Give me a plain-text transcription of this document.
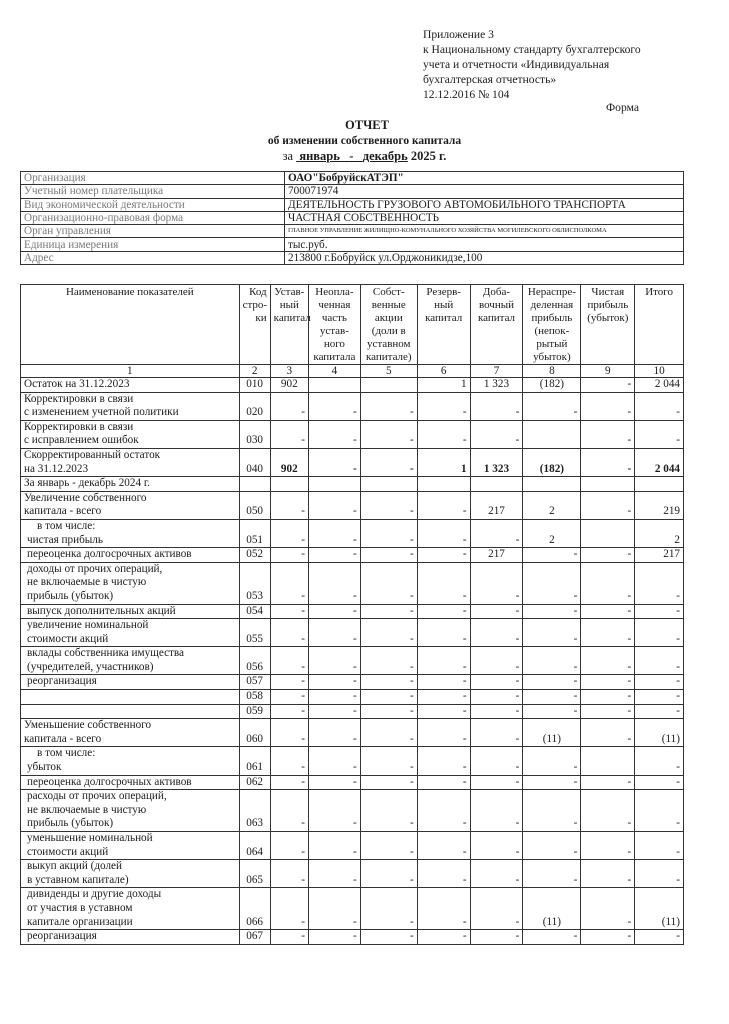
Приложение 3
к Национальному стандарту бухгалтерского
учета и отчетности «Индивидуальная
бухгалтерская отчетность»
12.12.2016 № 104
Форма
ОТЧЕТ
об изменении собственного капитала
за январь - декабрь 2025 г.
Организация	ОАО"БобруйскАТЭП"
Учетный номер плательщика	700071974
Вид экономической деятельности	ДЕЯТЕЛЬНОСТЬ ГРУЗОВОГО АВТОМОБИЛЬНОГО ТРАНСПОРТА
Организационно-правовая форма	ЧАСТНАЯ СОБСТВЕННОСТЬ
Орган управления	ГЛАВНОЕ УПРАВЛЕНИЕ ЖИЛИЩНО-КОМУНАЛЬНОГО ХОЗЯЙСТВА МОГИЛЕВСКОГО ОБЛИСПОЛКОМА
Единица измерения	тыс.руб.
Адрес	213800 г.Бобруйск ул.Орджоникидзе,100
Наименование показателей	Код
стро-
ки

Устав-
ный
капитал

Неопла-
ченная
часть
устав-
ного
капитала

Собст-
венные
акции
(доли в
уставном
капитале)

Резерв-
ный
капитал

Доба-
вочный
капитал

Нераспре-
деленная
прибыль
(непок-
рытый
убыток)

Чистая
прибыль
(убыток)

Итого

1	2	3	4	5	6	7	8	9	10

Остаток на 31.12.2023	010	902			1	1 323	(182)	-	2 044

Корректировки в связи
с изменением учетной политики	020	-	-	-	-	-	-	-	-

Корректировки в связи
с исправлением ошибок	030	-	-	-	-	-		-	-

Скорректированный остаток
на 31.12.2023	040	902	-	-	1	1 323	(182)	-	2 044

За январь - декабрь 2024 г.									

Увеличение собственного
капитала - всего	050	-	-	-	-	217	2	-	219

в том числе:
чистая прибыль	051	-	-	-	-	-	2		2

переоценка долгосрочных активов	052	-	-	-	-	217	-	-	217

доходы от прочих операций,
не включаемые в чистую
прибыль (убыток)	053	-	-	-	-	-	-	-	-

выпуск дополнительных акций	054	-	-	-	-	-	-	-	-

увеличение номинальной
стоимости акций	055	-	-	-	-	-	-	-	-

вклады собственника имущества
(учредителей, участников)	056	-	-	-	-	-	-	-	-

реорганизация	057	-	-	-	-	-	-	-	-

	058	-	-	-	-	-	-	-	-

	059	-	-	-	-	-	-	-	-

Уменьшение собственного
капитала - всего	060	-	-	-	-	-	(11)	-	(11)

в том числе:
убыток	061	-	-	-	-	-	-		-

переоценка долгосрочных активов	062	-	-	-	-	-	-	-	-

расходы от прочих операций,
не включаемые в чистую
прибыль (убыток)	063	-	-	-	-	-	-	-	-

уменьшение номинальной
стоимости акций	064	-	-	-	-	-	-	-	-

выкуп акций (долей
в уставном капитале)	065	-	-	-	-	-	-	-	-

дивиденды и другие доходы
от участия в уставном
капитале организации	066	-	-	-	-	-	(11)	-	(11)

реорганизация	067	-	-	-	-	-	-	-	-
